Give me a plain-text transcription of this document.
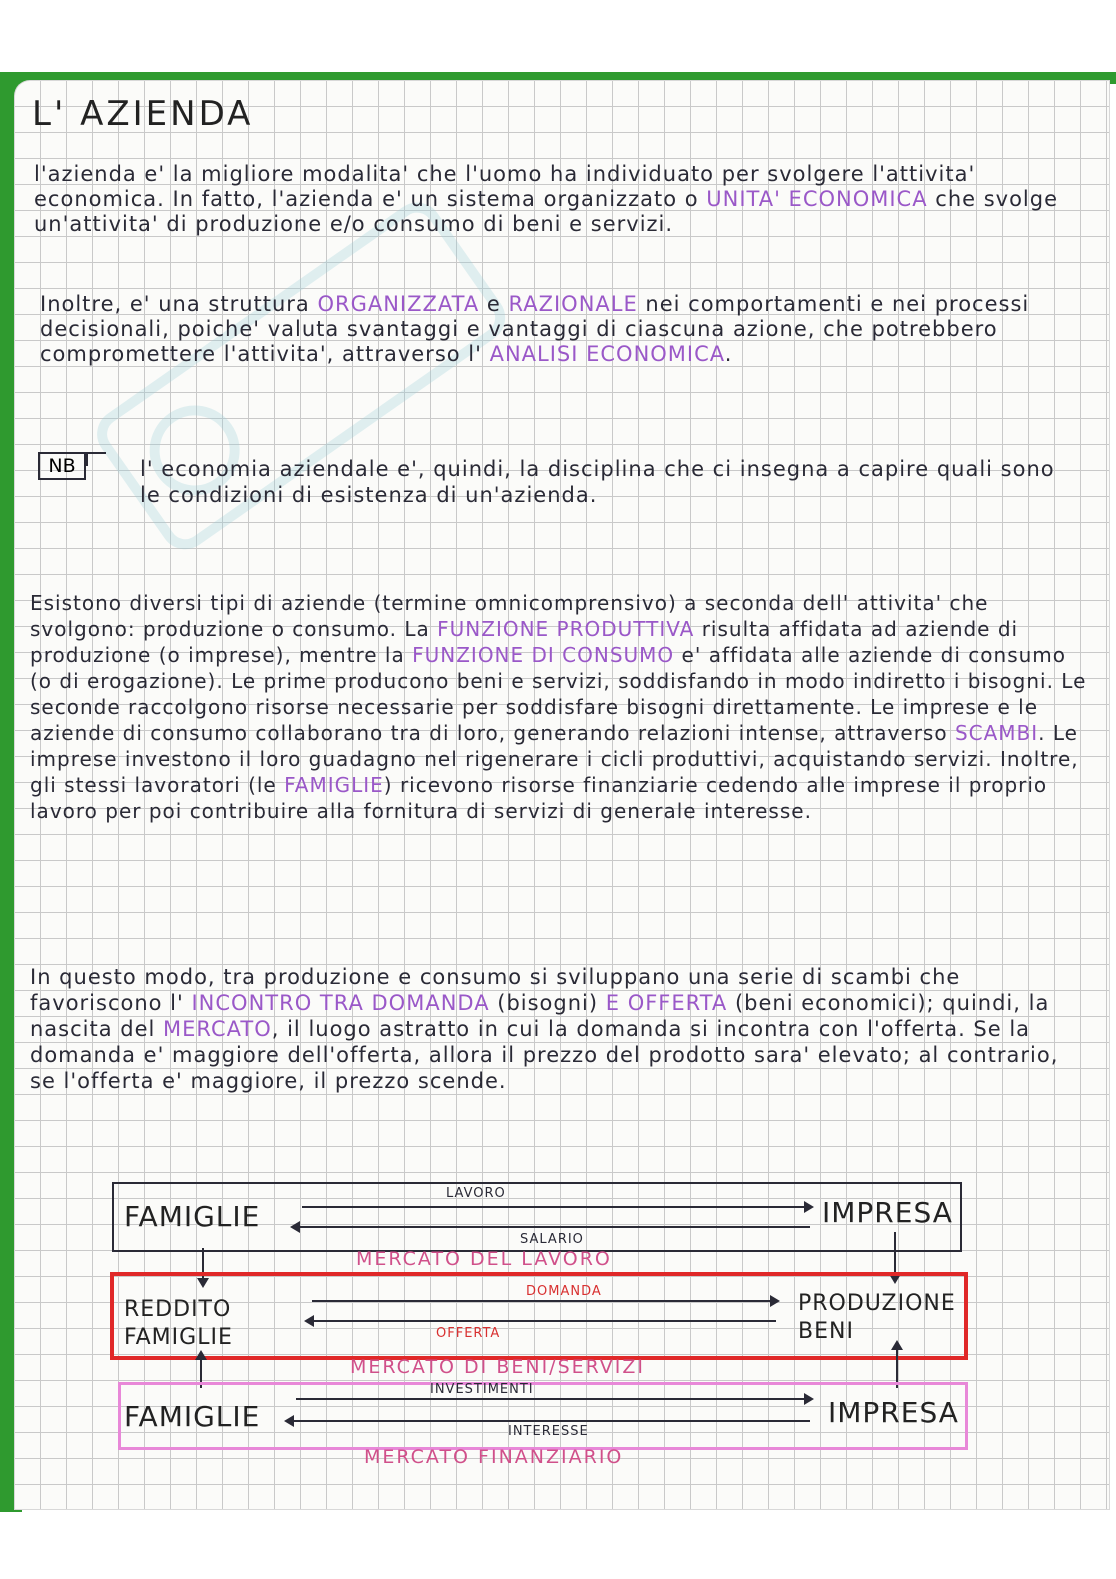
L' AZIENDA
l'azienda e' la migliore modalita' che l'uomo ha individuato per svolgere l'attivita' economica. In fatto, l'azienda e' un sistema organizzato o UNITA' ECONOMICA che svolge un'attivita' di produzione e/o consumo di beni e servizi.
Inoltre, e' una struttura ORGANIZZATA e RAZIONALE nei comportamenti e nei processi decisionali, poiche' valuta svantaggi e vantaggi di ciascuna azione, che potrebbero compromettere l'attivita', attraverso l' ANALISI ECONOMICA.
NB	l' economia aziendale e', quindi, la disciplina che ci insegna a capire quali sono le condizioni di esistenza di un'azienda.
Esistono diversi tipi di aziende (termine omnicomprensivo) a seconda dell' attivita' che svolgono: produzione o consumo. La FUNZIONE PRODUTTIVA risulta affidata ad aziende di produzione (o imprese), mentre la FUNZIONE DI CONSUMO e' affidata alle aziende di consumo (o di erogazione). Le prime producono beni e servizi, soddisfando in modo indiretto i bisogni. Le seconde raccolgono risorse necessarie per soddisfare bisogni direttamente. Le imprese e le aziende di consumo collaborano tra di loro, generando relazioni intense, attraverso SCAMBI. Le imprese investono il loro guadagno nel rigenerare i cicli produttivi, acquistando servizi. Inoltre, gli stessi lavoratori (le FAMIGLIE) ricevono risorse finanziarie cedendo alle imprese il proprio lavoro per poi contribuire alla fornitura di servizi di generale interesse.
In questo modo, tra produzione e consumo si sviluppano una serie di scambi che favoriscono l' INCONTRO TRA DOMANDA (bisogni) E OFFERTA (beni economici); quindi, la nascita del MERCATO, il luogo astratto in cui la domanda si incontra con l'offerta. Se la domanda e' maggiore dell'offerta, allora il prezzo del prodotto sara' elevato; al contrario, se l'offerta e' maggiore, il prezzo scende.
FAMIGLIE	IMPRESA
LAVORO
SALARIO
MERCATO DEL LAVORO
REDDITO FAMIGLIE
PRODUZIONE BENI
DOMANDA
OFFERTA
MERCATO DI BENI/SERVIZI
FAMIGLIE	IMPRESA
INVESTIMENTI
INTERESSE
MERCATO FINANZIARIO
